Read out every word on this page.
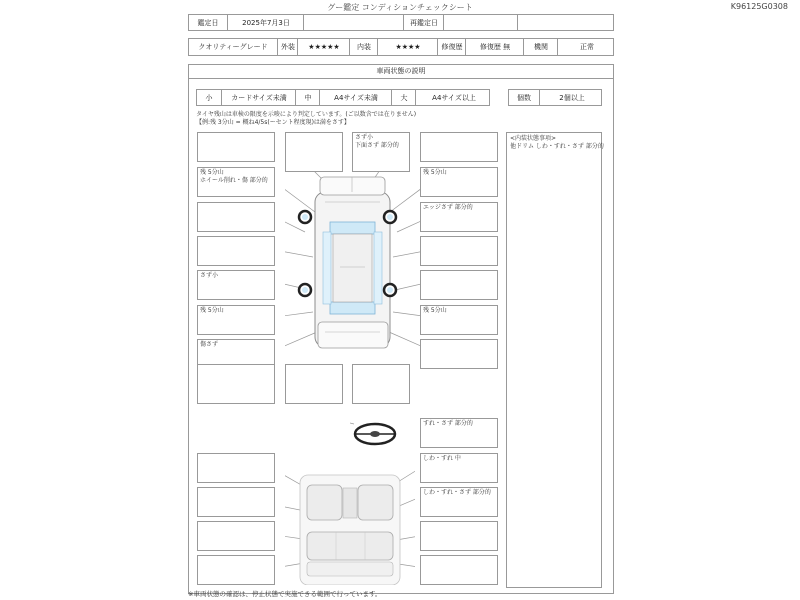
グー鑑定 コンディションチェックシート	K96125G0308
鑑定日	2025年7月3日	再鑑定日
クオリティーグレード	外装	★★★★★	内装	★★★★	修復歴	修復歴 無	機関	正常
車両状態の説明
小	カードサイズ未満	中	A4サイズ未満	大	A4サイズ以上	個数	2個以上
タイヤ残山は車検の限度を示唆により判定しています。(ご以数含では在りません)
【例:残 3分山 = 概ね4/5s(ーセント程度現)は満をさす】
<内装状態事項>
他ドリム しわ・すれ・さず 部分的
さず小
下面さず 部分的
残 5分山
ホイール削れ・傷 部分的
さず小
残 5分山
傷さず
残 5分山
エッジさず 部分的
残 5分山
すれ・さず 部分的
しわ・すれ 中
しわ・すれ・さず 部分的
※車両状態の確認は、停止状態で実施できる範囲で行っています。
